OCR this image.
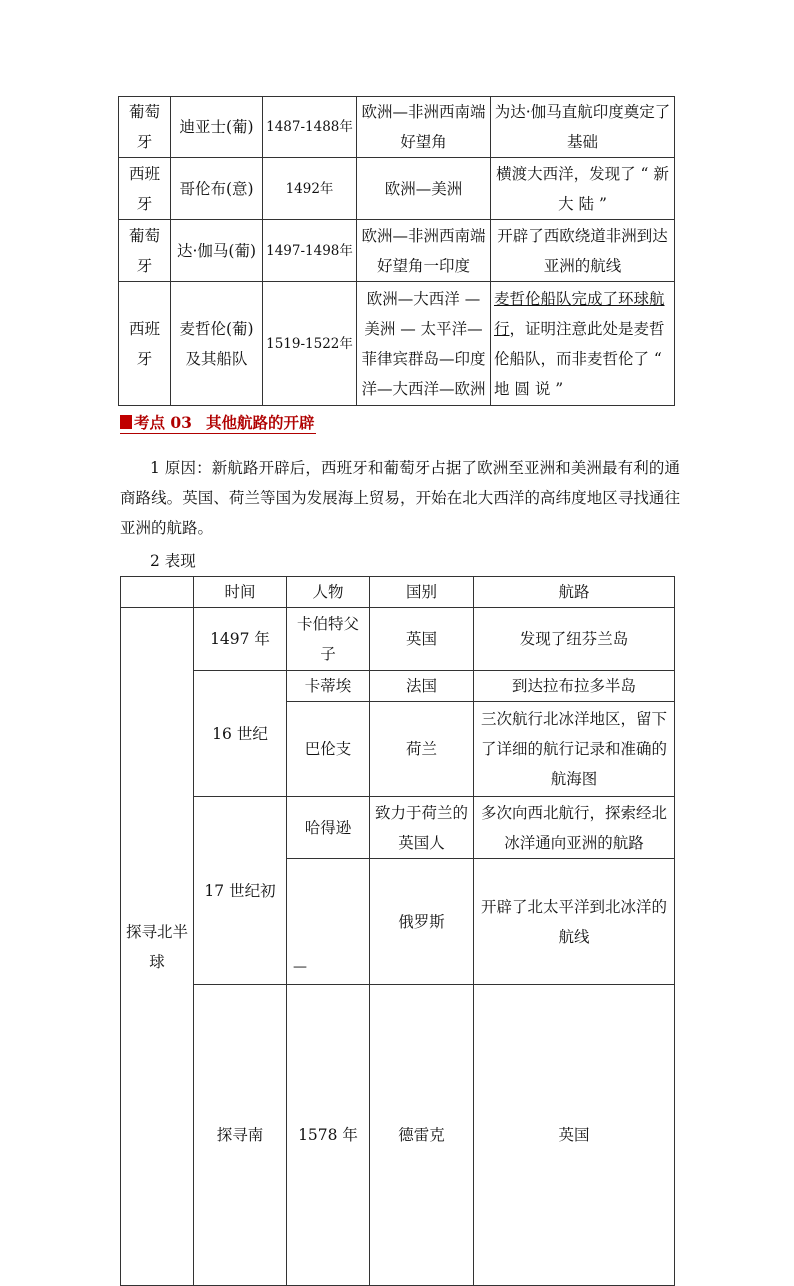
葡萄牙	迪亚士(葡)	1487-1488年	欧洲—非洲西南端好望角	为达·伽马直航印度奠定了基础
西班牙	哥伦布(意)	1492年	欧洲—美洲	横渡大西洋，发现了 “ 新 大 陆 ”
葡萄牙	达·伽马(葡)	1497-1498年	欧洲—非洲西南端好望角一印度	开辟了西欧绕道非洲到达亚洲的航线
西班牙	麦哲伦(葡)及其船队	1519-1522年	欧洲—大西洋 —美洲 — 太平洋—菲律宾群岛—印度洋—大西洋—欧洲	麦哲伦船队完成了环球航行，证明注意此处是麦哲伦船队，而非麦哲伦了 “ 地 圆 说 ”
考点 03 其他航路的开辟
1 原因：新航路开辟后，西班牙和葡萄牙占据了欧洲至亚洲和美洲最有利的通商路线。英国、荷兰等国为发展海上贸易，开始在北大西洋的高纬度地区寻找通往亚洲的航路。
2 表现
	时间	人物	国别	航路	
探寻北半球	1497 年	卡伯特父子	英国	发现了纽芬兰岛	
	16 世纪	卡蒂埃	法国	到达拉布拉多半岛	
		巴伦支	荷兰	三次航行北冰洋地区，留下了详细的航行记录和准确的航海图	
	17 世纪初	哈得逊	致力于荷兰的英国人	多次向西北航行，探索经北冰洋通向亚洲的航路	

		—	俄罗斯	开辟了北太平洋到北冰洋的航线	
	探寻南	1578 年	德雷克	英国	
